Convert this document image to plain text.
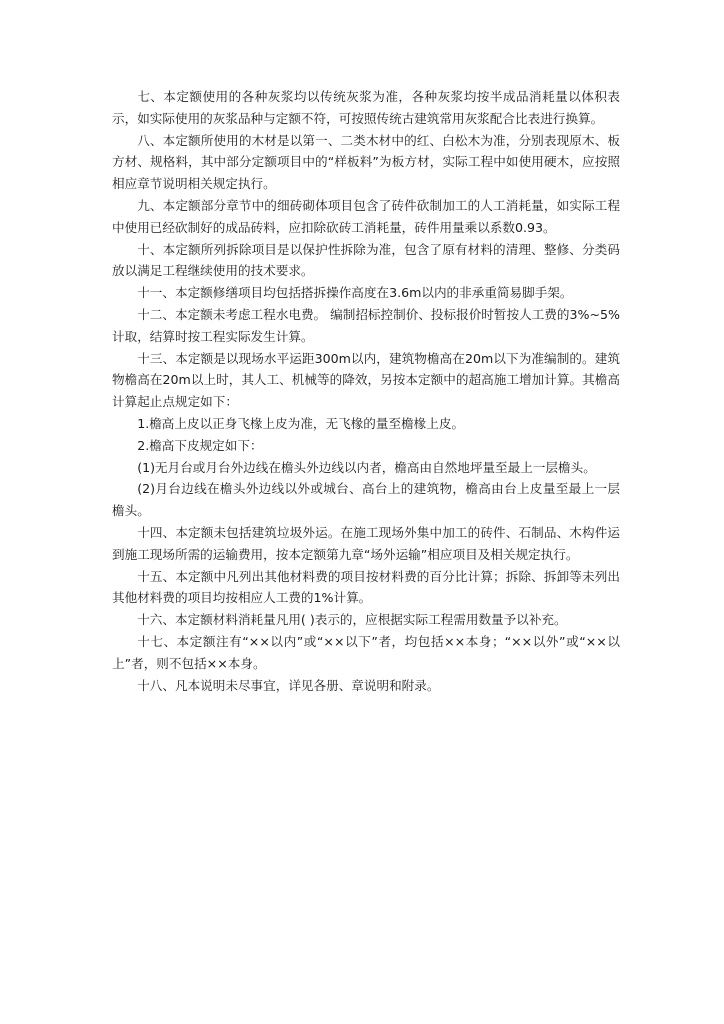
七、本定额使用的各种灰浆均以传统灰浆为准，各种灰浆均按半成品消耗量以体积表示，如实际使用的灰浆品种与定额不符，可按照传统古建筑常用灰浆配合比表进行换算。

八、本定额所使用的木材是以第一、二类木材中的红、白松木为准，分别表现原木、板方材、规格料，其中部分定额项目中的“样板料”为板方材，实际工程中如使用硬木，应按照相应章节说明相关规定执行。

九、本定额部分章节中的细砖砌体项目包含了砖件砍制加工的人工消耗量，如实际工程中使用已经砍制好的成品砖料，应扣除砍砖工消耗量，砖件用量乘以系数0.93。

十、本定额所列拆除项目是以保护性拆除为准，包含了原有材料的清理、整修、分类码放以满足工程继续使用的技术要求。

十一、本定额修缮项目均包括搭拆操作高度在3.6m以内的非承重简易脚手架。

十二、本定额未考虑工程水电费。 编制招标控制价、投标报价时暂按人工费的3%~5%计取，结算时按工程实际发生计算。

十三、本定额是以现场水平运距300m以内，建筑物檐高在20m以下为准编制的。建筑物檐高在20m以上时，其人工、机械等的降效，另按本定额中的超高施工增加计算。其檐高计算起止点规定如下：

1.檐高上皮以正身飞椽上皮为准，无飞椽的量至檐椽上皮。

2.檐高下皮规定如下：

(1)无月台或月台外边线在檐头外边线以内者，檐高由自然地坪量至最上一层檐头。

(2)月台边线在檐头外边线以外或城台、高台上的建筑物，檐高由台上皮量至最上一层檐头。

十四、本定额未包括建筑垃圾外运。在施工现场外集中加工的砖件、石制品、木构件运到施工现场所需的运输费用，按本定额第九章“场外运输”相应项目及相关规定执行。

十五、本定额中凡列出其他材料费的项目按材料费的百分比计算；拆除、拆卸等未列出其他材料费的项目均按相应人工费的1%计算。

十六、本定额材料消耗量凡用( )表示的，应根据实际工程需用数量予以补充。

十七、本定额注有“××以内”或“××以下”者，均包括××本身；“××以外”或“××以上”者，则不包括××本身。

十八、凡本说明未尽事宜，详见各册、章说明和附录。
